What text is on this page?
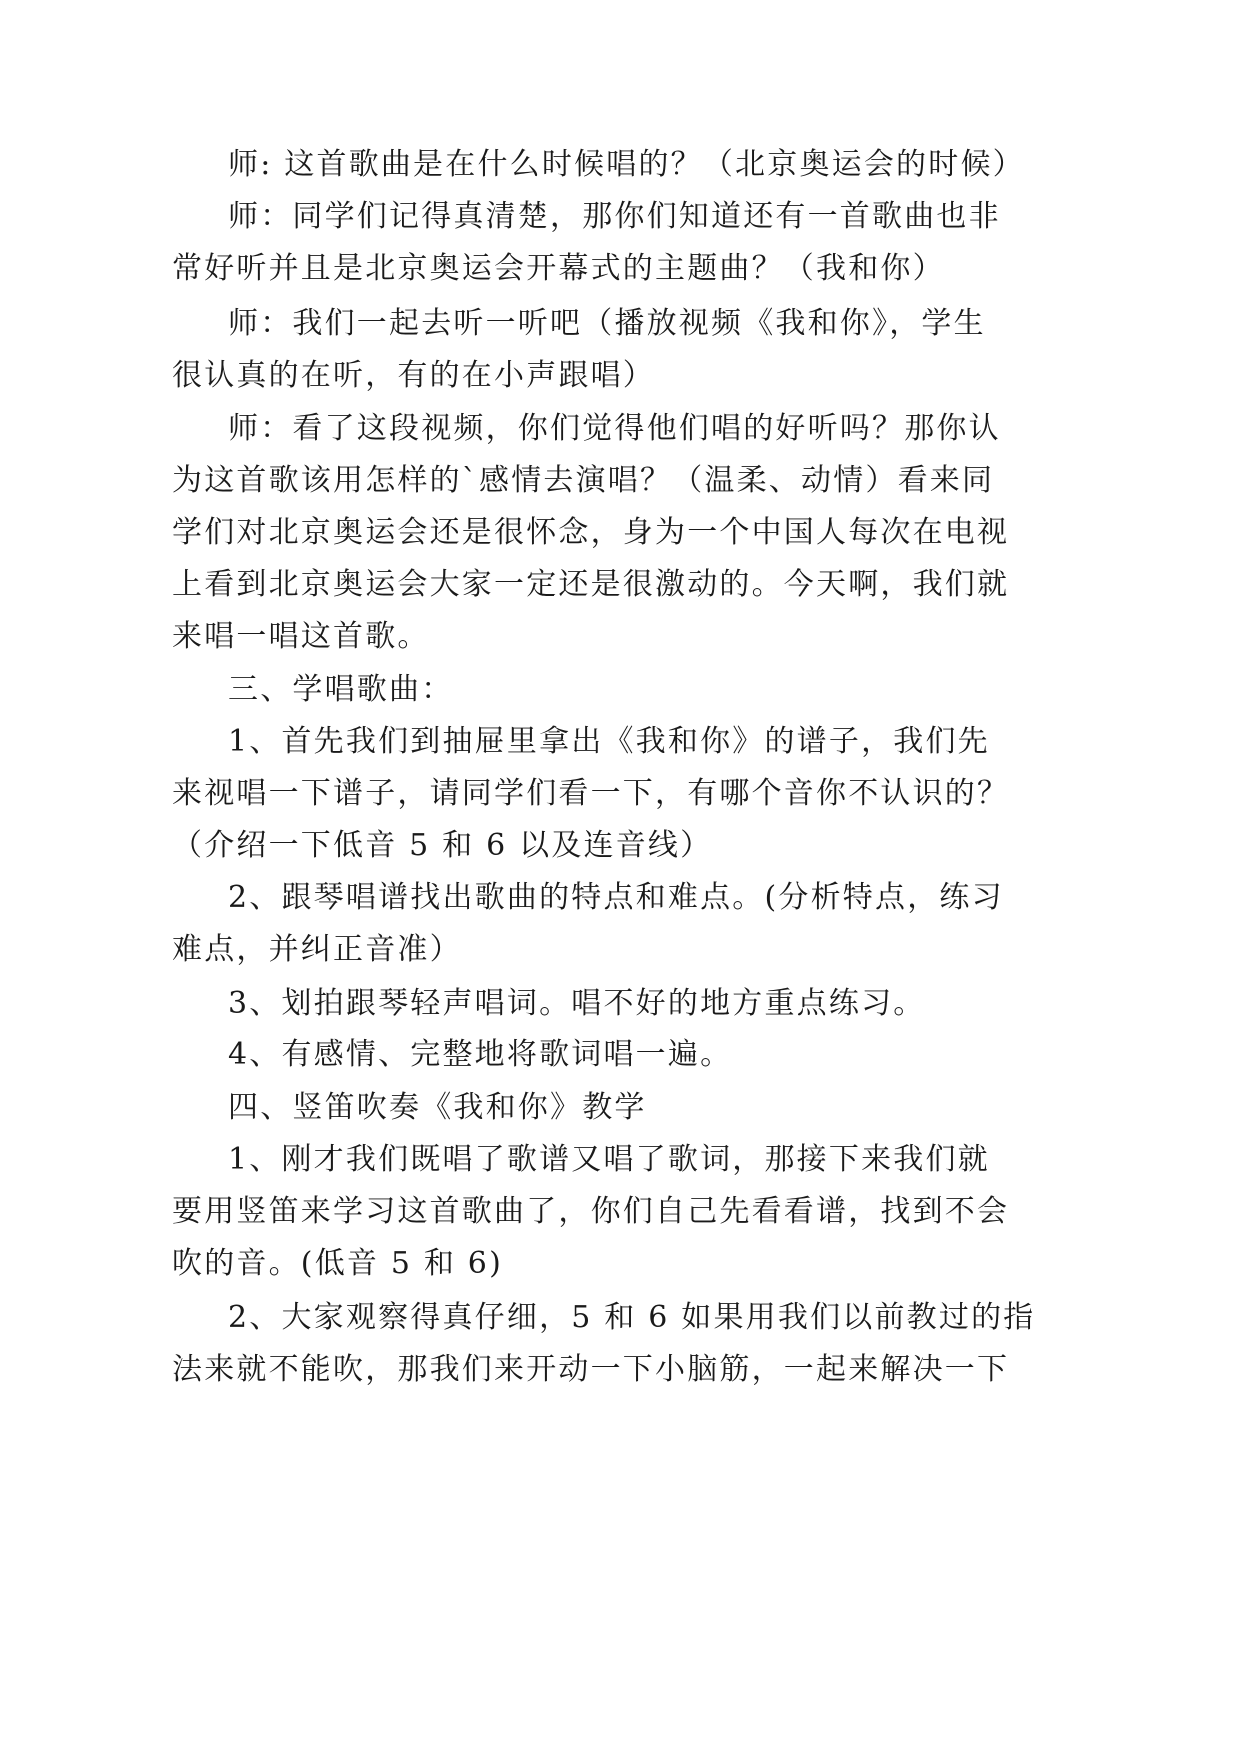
师: 这首歌曲是在什么时候唱的？（北京奥运会的时候）
师：同学们记得真清楚，那你们知道还有一首歌曲也非
常好听并且是北京奥运会开幕式的主题曲？（我和你）
师：我们一起去听一听吧（播放视频《我和你》，学生
很认真的在听，有的在小声跟唱）
师：看了这段视频，你们觉得他们唱的好听吗？那你认
为这首歌该用怎样的`感情去演唱？（温柔、动情）看来同
学们对北京奥运会还是很怀念，身为一个中国人每次在电视
上看到北京奥运会大家一定还是很激动的。今天啊，我们就
来唱一唱这首歌。
三、学唱歌曲：
1、首先我们到抽屉里拿出《我和你》的谱子，我们先
来视唱一下谱子，请同学们看一下，有哪个音你不认识的？
（介绍一下低音 5 和 6 以及连音线）
2、跟琴唱谱找出歌曲的特点和难点。(分析特点，练习
难点，并纠正音准）
3、划拍跟琴轻声唱词。唱不好的地方重点练习。
4、有感情、完整地将歌词唱一遍。
四、竖笛吹奏《我和你》教学
1、刚才我们既唱了歌谱又唱了歌词，那接下来我们就
要用竖笛来学习这首歌曲了，你们自己先看看谱，找到不会
吹的音。(低音 5 和 6)
2、大家观察得真仔细，5 和 6 如果用我们以前教过的指
法来就不能吹，那我们来开动一下小脑筋，一起来解决一下
